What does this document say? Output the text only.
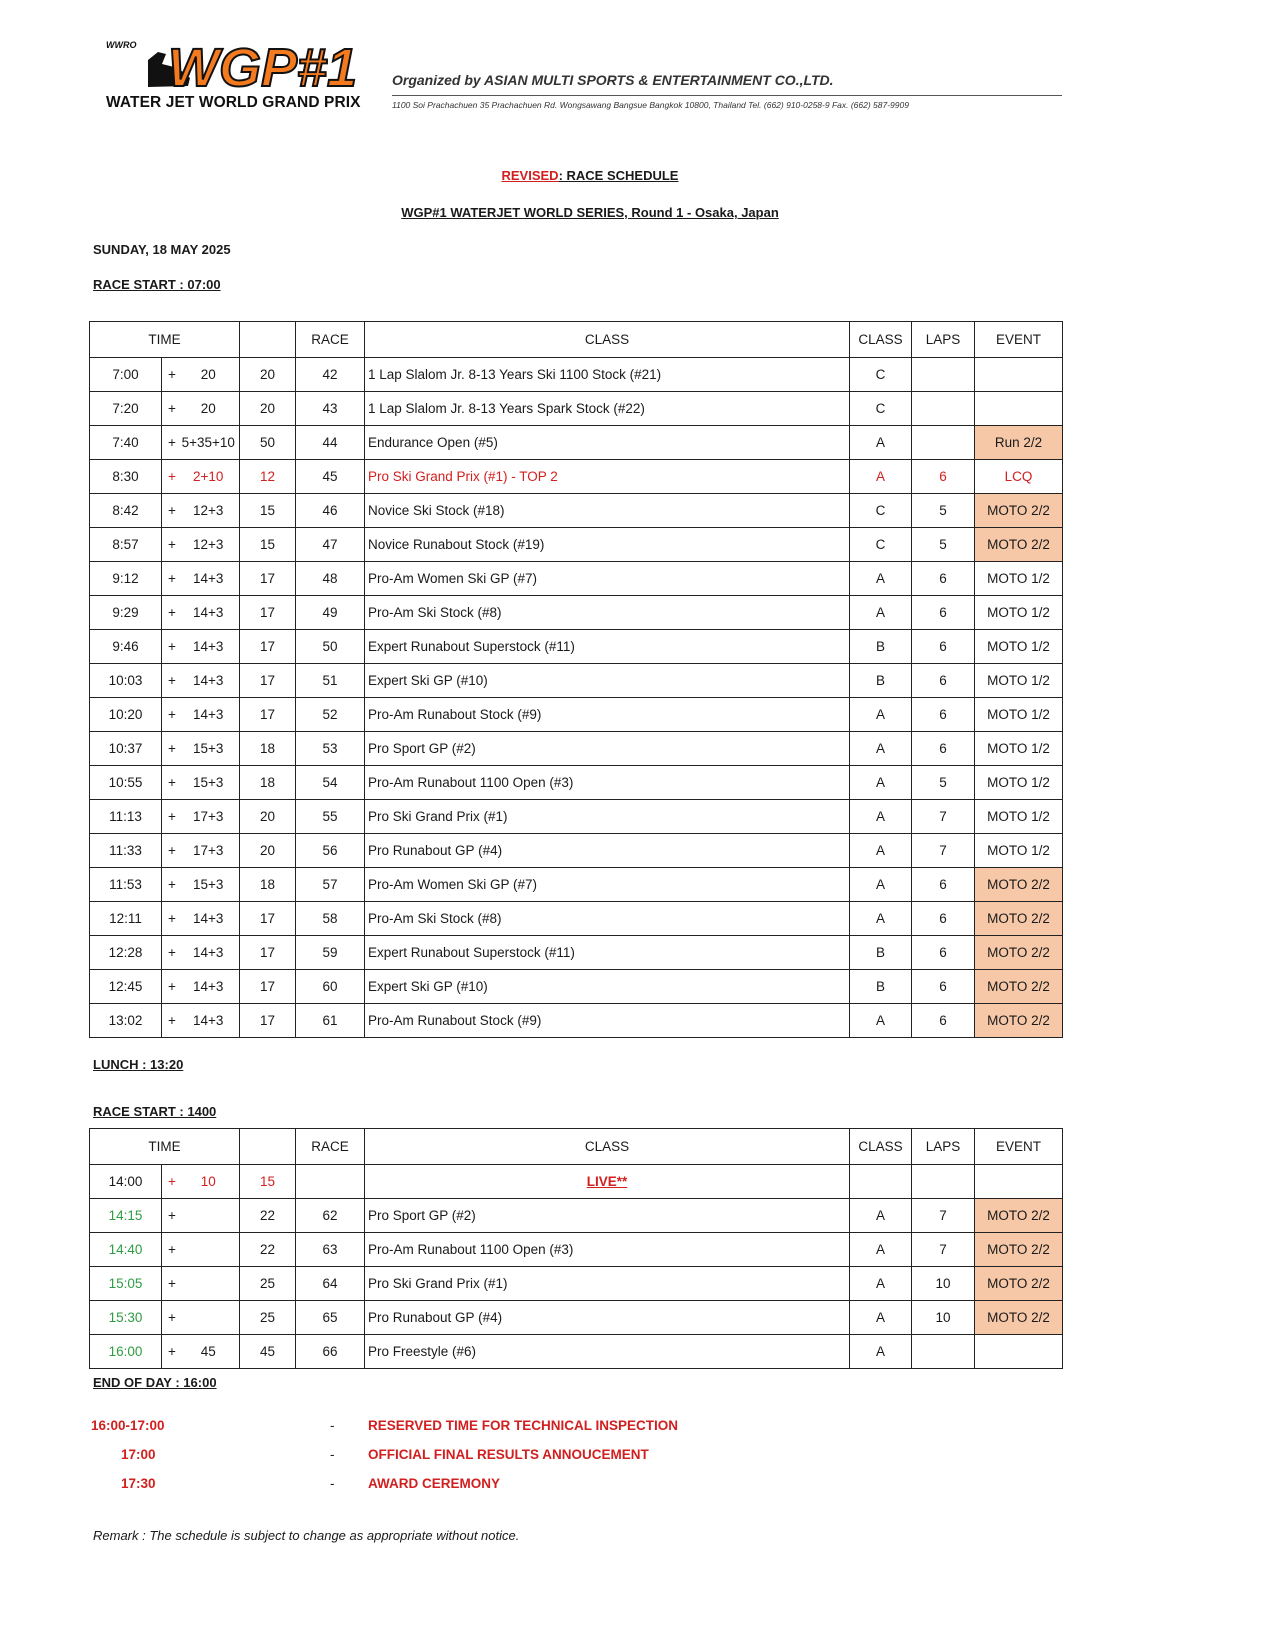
WWRO WGP#1
WATER JET WORLD GRAND PRIX
Organized by ASIAN MULTI SPORTS & ENTERTAINMENT CO.,LTD.
1100 Soi Prachachuen 35 Prachachuen Rd. Wongsawang Bangsue Bangkok 10800, Thailand Tel. (662) 910-0258-9 Fax. (662) 587-9909
REVISED: RACE SCHEDULE
WGP#1 WATERJET WORLD SERIES, Round 1 - Osaka, Japan
SUNDAY, 18 MAY 2025
RACE START : 07:00
TIME				RACE	CLASS	CLASS	LAPS	EVENT
7:00	+	20	20	42	1 Lap Slalom Jr. 8-13 Years Ski 1100 Stock (#21)	C		
7:20	+	20	20	43	1 Lap Slalom Jr. 8-13 Years Spark Stock (#22)	C		
7:40	+	5+35+10	50	44	Endurance Open (#5)	A		Run 2/2
8:30	+	2+10	12	45	Pro Ski Grand Prix (#1) - TOP 2	A	6	LCQ
8:42	+	12+3	15	46	Novice Ski Stock (#18)	C	5	MOTO 2/2
8:57	+	12+3	15	47	Novice Runabout Stock (#19)	C	5	MOTO 2/2
9:12	+	14+3	17	48	Pro-Am Women Ski GP (#7)	A	6	MOTO 1/2
9:29	+	14+3	17	49	Pro-Am Ski Stock (#8)	A	6	MOTO 1/2
9:46	+	14+3	17	50	Expert Runabout Superstock (#11)	B	6	MOTO 1/2
10:03	+	14+3	17	51	Expert Ski GP (#10)	B	6	MOTO 1/2
10:20	+	14+3	17	52	Pro-Am Runabout Stock (#9)	A	6	MOTO 1/2
10:37	+	15+3	18	53	Pro Sport GP (#2)	A	6	MOTO 1/2
10:55	+	15+3	18	54	Pro-Am Runabout 1100 Open (#3)	A	5	MOTO 1/2
11:13	+	17+3	20	55	Pro Ski Grand Prix (#1)	A	7	MOTO 1/2
11:33	+	17+3	20	56	Pro Runabout GP (#4)	A	7	MOTO 1/2
11:53	+	15+3	18	57	Pro-Am Women Ski GP (#7)	A	6	MOTO 2/2
12:11	+	14+3	17	58	Pro-Am Ski Stock (#8)	A	6	MOTO 2/2
12:28	+	14+3	17	59	Expert Runabout Superstock (#11)	B	6	MOTO 2/2
12:45	+	14+3	17	60	Expert Ski GP (#10)	B	6	MOTO 2/2
13:02	+	14+3	17	61	Pro-Am Runabout Stock (#9)	A	6	MOTO 2/2
LUNCH : 13:20
RACE START : 1400
TIME				RACE	CLASS	CLASS	LAPS	EVENT
14:00	+	10	15		LIVE**			
14:15	+		22	62	Pro Sport GP (#2)	A	7	MOTO 2/2
14:40	+		22	63	Pro-Am Runabout 1100 Open (#3)	A	7	MOTO 2/2
15:05	+		25	64	Pro Ski Grand Prix (#1)	A	10	MOTO 2/2
15:30	+		25	65	Pro Runabout GP (#4)	A	10	MOTO 2/2
16:00	+	45	45	66	Pro Freestyle (#6)	A		
END OF DAY : 16:00
16:00-17:00	- RESERVED TIME FOR TECHNICAL INSPECTION
17:00	- OFFICIAL FINAL RESULTS ANNOUCEMENT
17:30	- AWARD CEREMONY
Remark : The schedule is subject to change as appropriate without notice.
